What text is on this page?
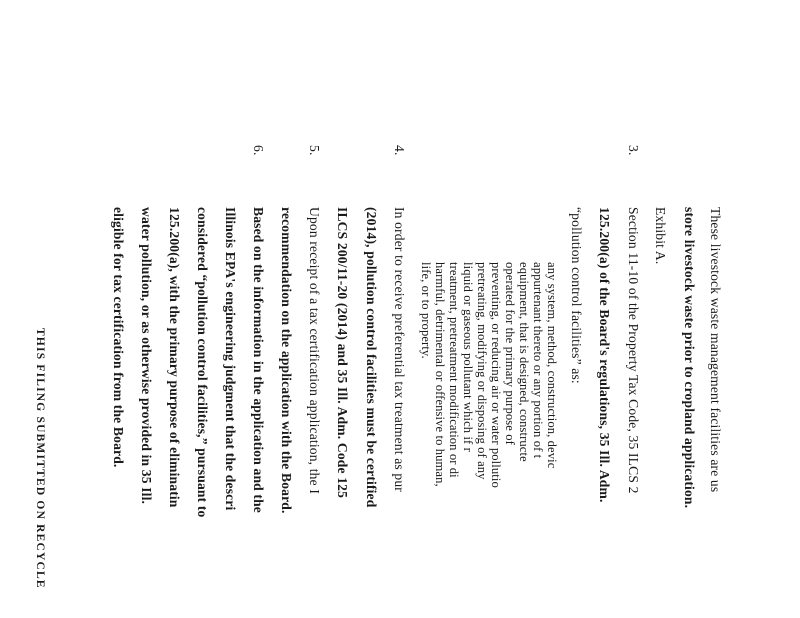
These livestock waste management facilities are us
store livestock waste prior to cropland application.
Exhibit A.
Section 11-10 of the Property Tax Code, 35 ILCS 2
125.200(a) of the Board's regulations, 35 Ill. Adm.
“pollution control facilities” as:
any system, method, construction, devic
appurtenant thereto or any portion of t
equipment, that is designed, constructe
operated for the primary purpose of
preventing, or reducing air or water pollutio
pretreating, modifying or disposing of any
liquid or gaseous pollutant which if r
treatment, pretreatment modification or di
harmful, detrimental or offensive to human,
life, or to property.
4.
In order to receive preferential tax treatment as pur
(2014), pollution control facilities must be certified
ILCS 200/11-20 (2014) and 35 Ill. Adm. Code 125
5.
Upon receipt of a tax certification application, the I
recommendation on the application with the Board.
6.
Based on the information in the application and the
Illinois EPA's engineering judgment that the descri
considered “pollution control facilities,” pursuant to
125.200(a), with the primary purpose of eliminatin
water pollution, or as otherwise provided in 35 Ill.
eligible for tax certification from the Board.
3.
THIS FILING SUBMITTED ON RECYCLE
